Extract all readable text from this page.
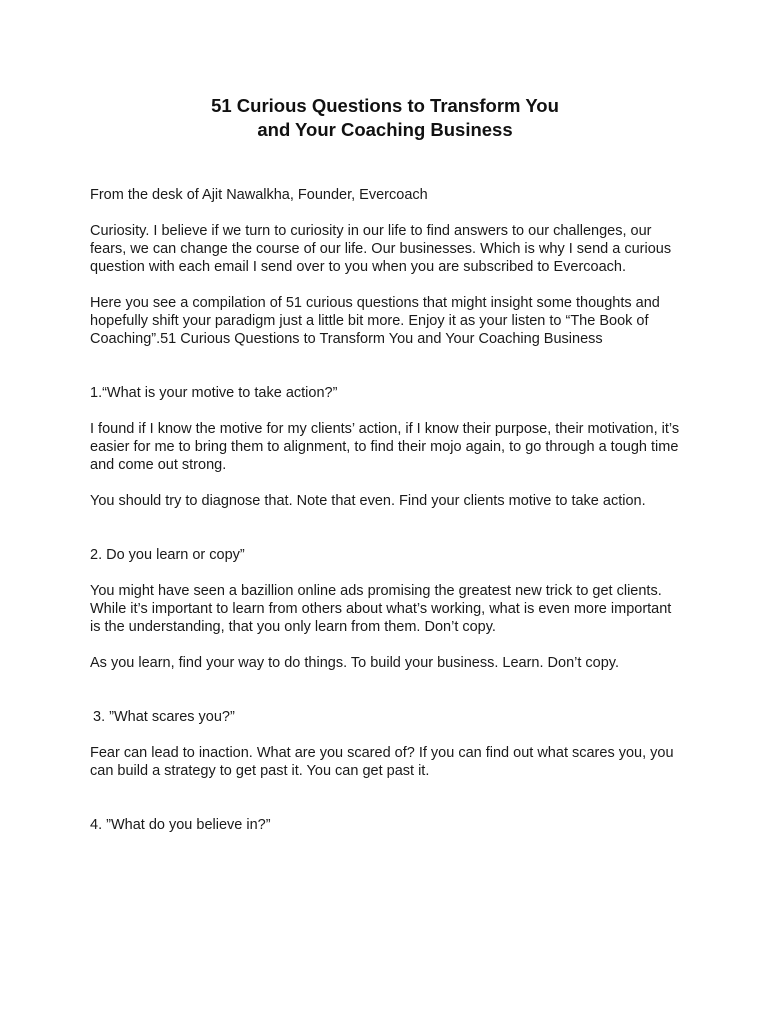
51 Curious Questions to Transform You
and Your Coaching Business

From the desk of Ajit Nawalkha, Founder, Evercoach

Curiosity. I believe if we turn to curiosity in our life to find answers to our challenges, our fears, we can change the course of our life. Our businesses. Which is why I send a curious question with each email I send over to you when you are subscribed to Evercoach.

Here you see a compilation of 51 curious questions that might insight some thoughts and hopefully shift your paradigm just a little bit more. Enjoy it as your listen to “The Book of Coaching”.51 Curious Questions to Transform You and Your Coaching Business

1.“What is your motive to take action?”

I found if I know the motive for my clients’ action, if I know their purpose, their motivation, it’s easier for me to bring them to alignment, to find their mojo again, to go through a tough time and come out strong.

You should try to diagnose that. Note that even. Find your clients motive to take action.

2. Do you learn or copy”

You might have seen a bazillion online ads promising the greatest new trick to get clients. While it’s important to learn from others about what’s working, what is even more important is the understanding, that you only learn from them. Don’t copy.

As you learn, find your way to do things. To build your business. Learn. Don’t copy.

3. ”What scares you?”

Fear can lead to inaction. What are you scared of? If you can find out what scares you, you can build a strategy to get past it. You can get past it.

4. ”What do you believe in?”
